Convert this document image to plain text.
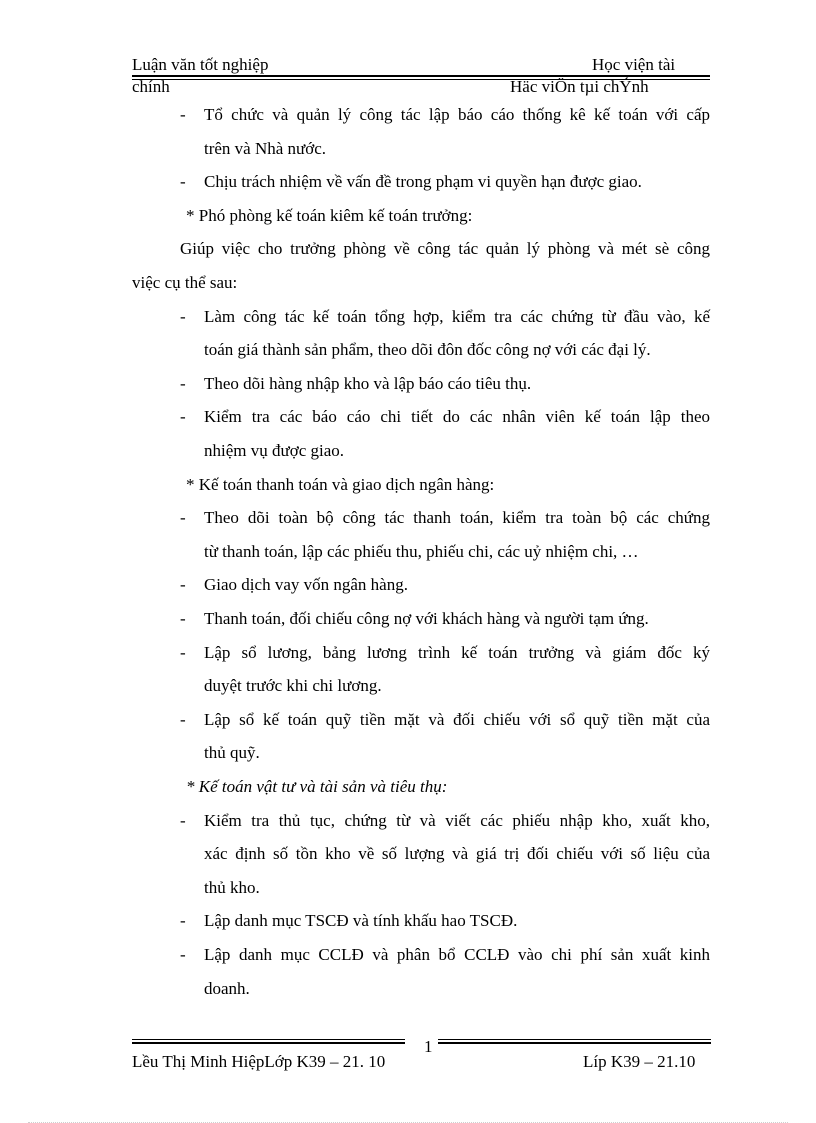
Luận văn tốt nghiệp	Học viện tài
chính	Häc viÖn tµi chÝnh
- Tổ chức và quản lý công tác lập báo cáo thống kê kế toán với cấp
trên và Nhà nước.
- Chịu trách nhiệm về vấn đề trong phạm vi quyền hạn được giao.
* Phó phòng kế toán kiêm kế toán trưởng:
Giúp việc cho trưởng phòng về công tác quản lý phòng và mét sè công
việc cụ thể sau:
- Làm công tác kế toán tổng hợp, kiểm tra các chứng từ đầu vào, kế
toán giá thành sản phẩm, theo dõi đôn đốc công nợ với các đại lý.
- Theo dõi hàng nhập kho và lập báo cáo tiêu thụ.
- Kiểm tra các báo cáo chi tiết do các nhân viên kế toán lập theo
nhiệm vụ được giao.
* Kế toán thanh toán và giao dịch ngân hàng:
- Theo dõi toàn bộ công tác thanh toán, kiểm tra toàn bộ các chứng
từ thanh toán, lập các phiếu thu, phiếu chi, các uỷ nhiệm chi, …
- Giao dịch vay vốn ngân hàng.
- Thanh toán, đối chiếu công nợ với khách hàng và người tạm ứng.
- Lập sổ lương, bảng lương trình kế toán trưởng và giám đốc ký
duyệt trước khi chi lương.
- Lập sổ kế toán quỹ tiền mặt và đối chiếu với sổ quỹ tiền mặt của
thủ quỹ.
* Kế toán vật tư và tài sản và tiêu thụ:
- Kiểm tra thủ tục, chứng từ và viết các phiếu nhập kho, xuất kho,
xác định số tồn kho về số lượng và giá trị đối chiếu với số liệu của
thủ kho.
- Lập danh mục TSCĐ và tính khấu hao TSCĐ.
- Lập danh mục CCLĐ và phân bổ CCLĐ vào chi phí sản xuất kinh
doanh.
1
Lều Thị Minh HiệpLớp K39 – 21. 10	Líp K39 – 21.10
